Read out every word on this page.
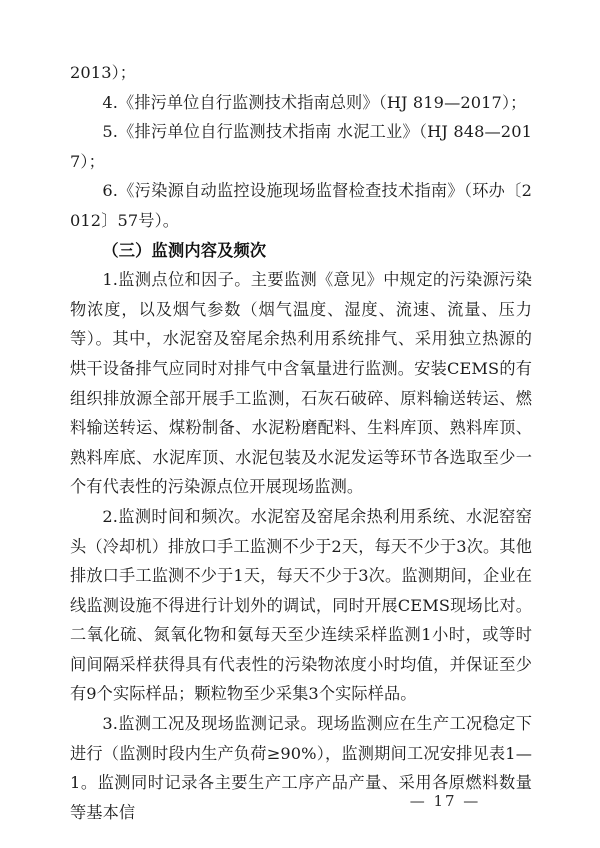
2013）；

4.《排污单位自行监测技术指南总则》（HJ 819—2017）；

5.《排污单位自行监测技术指南 水泥工业》（HJ 848—2017）；

6.《污染源自动监控设施现场监督检查技术指南》（环办〔2012〕57号）。

（三）监测内容及频次

1.监测点位和因子。主要监测《意见》中规定的污染源污染物浓度，以及烟气参数（烟气温度、湿度、流速、流量、压力等）。其中，水泥窑及窑尾余热利用系统排气、采用独立热源的烘干设备排气应同时对排气中含氧量进行监测。安装CEMS的有组织排放源全部开展手工监测，石灰石破碎、原料输送转运、燃料输送转运、煤粉制备、水泥粉磨配料、生料库顶、熟料库顶、熟料库底、水泥库顶、水泥包装及水泥发运等环节各选取至少一个有代表性的污染源点位开展现场监测。

2.监测时间和频次。水泥窑及窑尾余热利用系统、水泥窑窑头（冷却机）排放口手工监测不少于2天，每天不少于3次。其他排放口手工监测不少于1天，每天不少于3次。监测期间，企业在线监测设施不得进行计划外的调试，同时开展CEMS现场比对。二氧化硫、氮氧化物和氨每天至少连续采样监测1小时，或等时间间隔采样获得具有代表性的污染物浓度小时均值，并保证至少有9个实际样品；颗粒物至少采集3个实际样品。

3.监测工况及现场监测记录。现场监测应在生产工况稳定下进行（监测时段内生产负荷≥90%），监测期间工况安排见表1—1。监测同时记录各主要生产工序产品产量、采用各原燃料数量等基本信

— 17 —
